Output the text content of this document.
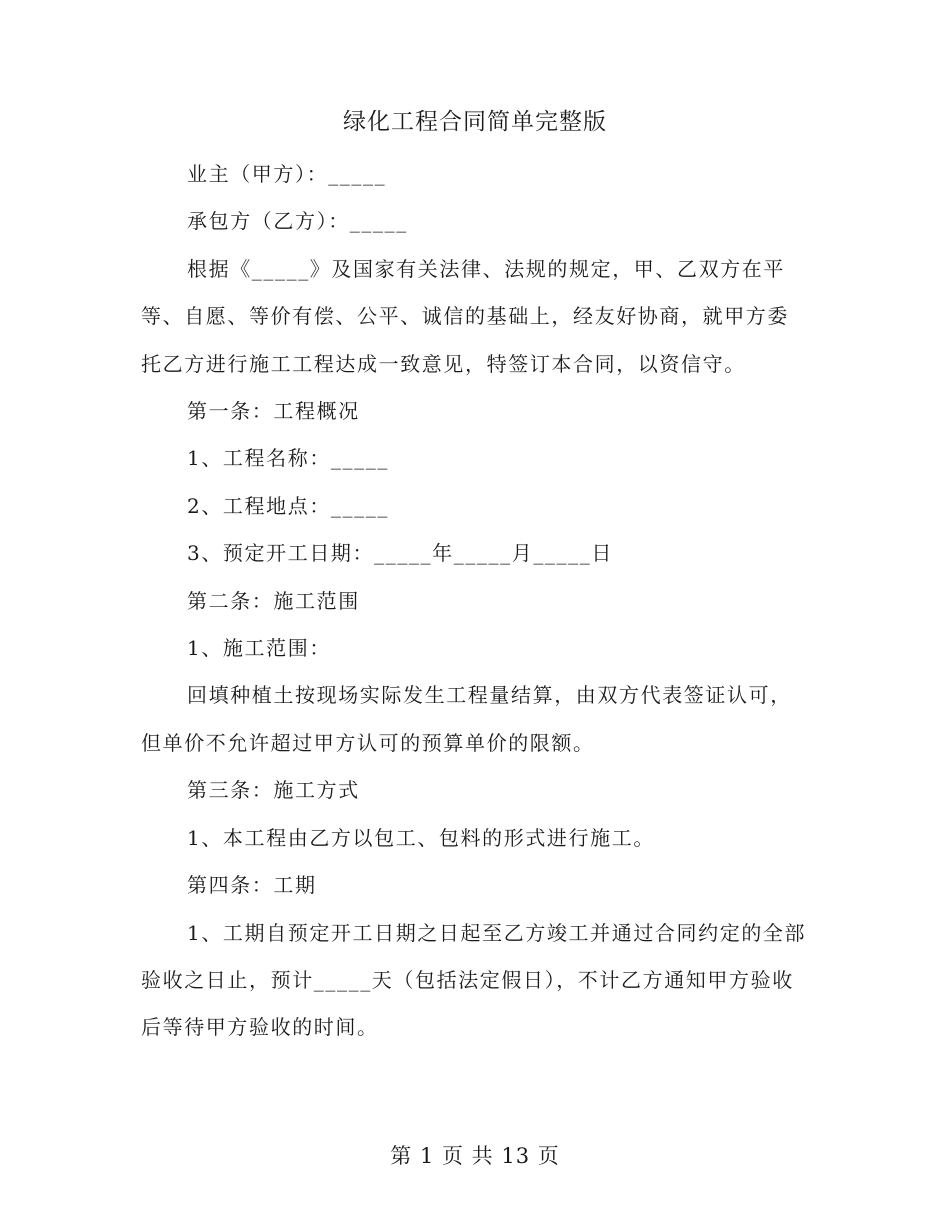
绿化工程合同简单完整版
业主（甲方）：_____
承包方（乙方）：_____
根据《_____》及国家有关法律、法规的规定，甲、乙双方在平
等、自愿、等价有偿、公平、诚信的基础上，经友好协商，就甲方委
托乙方进行施工工程达成一致意见，特签订本合同，以资信守。
第一条：工程概况
1、工程名称：_____
2、工程地点：_____
3、预定开工日期：_____年_____月_____日
第二条：施工范围
1、施工范围：
回填种植土按现场实际发生工程量结算，由双方代表签证认可，
但单价不允许超过甲方认可的预算单价的限额。
第三条：施工方式
1、本工程由乙方以包工、包料的形式进行施工。
第四条：工期
1、工期自预定开工日期之日起至乙方竣工并通过合同约定的全部
验收之日止，预计_____天（包括法定假日），不计乙方通知甲方验收
后等待甲方验收的时间。
第 1 页 共 13 页
